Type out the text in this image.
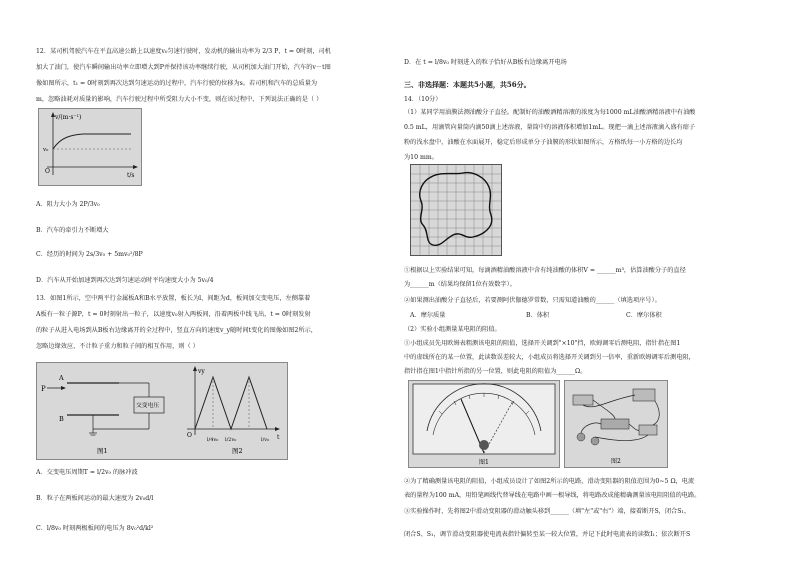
12．某司机驾驶汽车在平直高速公路上以速度v₀匀速行驶时，发动机的输出功率为 2/3 P，t = 0时刻，司机

加大了油门，使汽车瞬间输出功率立即增大到P并保持该功率继续行驶，从司机加大油门开始，汽车的v－t图

像如图所示，t₁ = 0时刻到再次达到匀速运动的过程中，汽车行驶的位移为s。若司机和汽车的总质量为

m，忽略油耗对质量的影响，汽车行驶过程中所受阻力大小不变，则在该过程中，下列说法正确的是（ ）

v/(m·s⁻¹)
t/s
O
v₀

A．阻力大小为 2P/3v₀

B．汽车的牵引力不断增大

C．经历的时间为 2s/3v₀ + 5mv₀²/8P

D．汽车从开始加速到再次达到匀速运动时平均速度大小为 5v₀/4

13．如图1所示，空中两平行金属板A和B水平放置，板长为l，间距为d，板间加交变电压，左侧靠着

A板有一粒子源P，t = 0时刻射出一粒子，以速度v₀射入两板间，沿着两板中线飞出，t = 0时刻发射

的粒子从进入电场到从B板右边缘离开的全过程中，竖直方向的速度v_y随时间t变化的图像如图2所示，

忽略边缘效应，不计粒子重力和粒子间的相互作用，则（ ）

P
A
B
交变电压
图1
vy
O	t
l/4v₀ l/2v₀	l/v₀
图2

A．交变电压周期T = l/2v₀ 的脉冲波

B．粒子在两板间运动的最大速度为 2v₀d/l

C．l/8v₀ 时刻两极板间的电压为 8v₀²d/kl²

D．在 t = l/8v₀ 时刻进入的粒子恰好从B板右边缘离开电场

三、非选择题：本题共5小题，共56分。

14．（10分）

（1）某同学用油膜法测油酸分子直径。配制好的油酸酒精溶液的浓度为每1000 mL油酸酒精溶液中有油酸

0.5 mL，用滴管向量筒内滴50滴上述溶液，量筒中的溶液体积增加1mL。现把一滴上述溶液滴入盛有痱子

粉的浅水盘中，油酸在水面展开，稳定后形成单分子油膜的形状如图所示，方格纸每一小方格的边长均

为10 mm。

①根据以上实验结果可知，每滴酒精油酸溶液中含有纯油酸的体积V = ______m³，估算油酸分子的直径

为______m（结果均保留1位有效数字）。

②如果测出油酸分子直径后，若要测阿伏伽德罗常数，只需知道油酸的______（填选项序号）。

A．摩尔质量	B．体积	C．摩尔体积

（2）实验小组测量某电阻的阻值。

①小组成员先用欧姆表粗测该电阻的阻值，选择开关调到"×10"挡，欧姆调零后测电阻，指针指在图1

中的虚线所在的某一位置，此读数误差较大，小组成员将选择开关调到另一倍率，重新欧姆调零后测电阻，

指针指在图1中指针所指的另一位置，则此电阻的阻值为______Ω。

图1	图2

②为了精确测量该电阻的阻值，小组成员设计了如图2所示的电路，滑动变阻器的阻值范围为0~5 Ω，电流

表的量程为100 mA，用铅笔画线代替导线在电路中画一根导线，将电路改成能精确测量该电阻阻值的电路。

③实验操作时，先将图2中滑动变阻器的滑动触头移到______（填"左"或"右"）端，接着断开S，闭合S₁，

闭合S、S₁，调节滑动变阻器使电流表指针偏转至某一较大位置，并记下此时电流表的读数I₁；依次断开S
